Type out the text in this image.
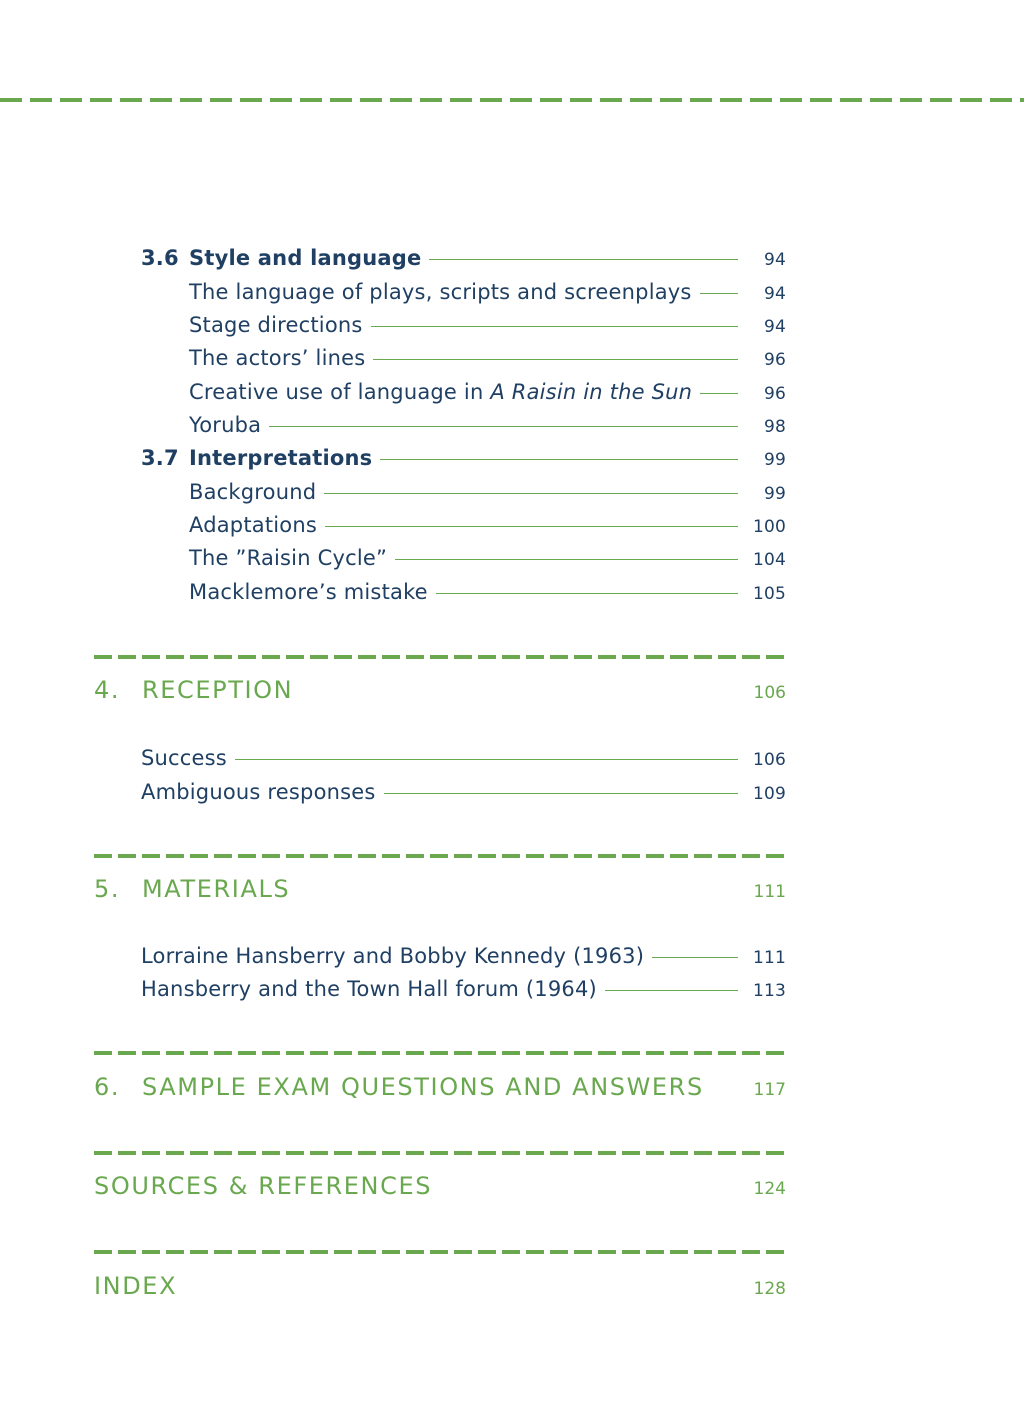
3.6 Style and language	94
The language of plays, scripts and screenplays	94
Stage directions	94
The actors’ lines	96
Creative use of language in A Raisin in the Sun	96
Yoruba	98
3.7 Interpretations	99
Background	99
Adaptations	100
The ”Raisin Cycle”	104
Macklemore’s mistake	105
4. RECEPTION	106
Success	106
Ambiguous responses	109
5. MATERIALS	111
Lorraine Hansberry and Bobby Kennedy (1963)	111
Hansberry and the Town Hall forum (1964)	113
6. SAMPLE EXAM QUESTIONS AND ANSWERS	117
SOURCES & REFERENCES	124
INDEX	128
